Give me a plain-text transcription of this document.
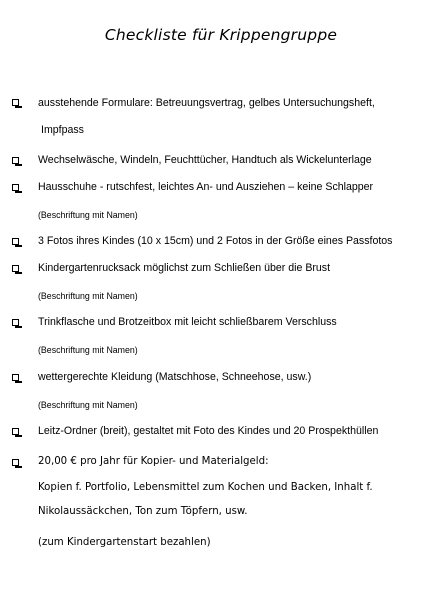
Checkliste für Krippengruppe
ausstehende Formulare: Betreuungsvertrag, gelbes Untersuchungsheft,
Impfpass
Wechselwäsche, Windeln, Feuchttücher, Handtuch als Wickelunterlage
Hausschuhe - rutschfest, leichtes An- und Ausziehen – keine Schlapper
(Beschriftung mit Namen)
3 Fotos ihres Kindes (10 x 15cm) und 2 Fotos in der Größe eines Passfotos
Kindergartenrucksack möglichst zum Schließen über die Brust
(Beschriftung mit Namen)
Trinkflasche und Brotzeitbox mit leicht schließbarem Verschluss
(Beschriftung mit Namen)
wettergerechte Kleidung (Matschhose, Schneehose, usw.)
(Beschriftung mit Namen)
Leitz-Ordner (breit), gestaltet mit Foto des Kindes und 20 Prospekthüllen
20,00 € pro Jahr für Kopier- und Materialgeld:
Kopien f. Portfolio, Lebensmittel zum Kochen und Backen, Inhalt f.
Nikolaussäckchen, Ton zum Töpfern, usw.
(zum Kindergartenstart bezahlen)
